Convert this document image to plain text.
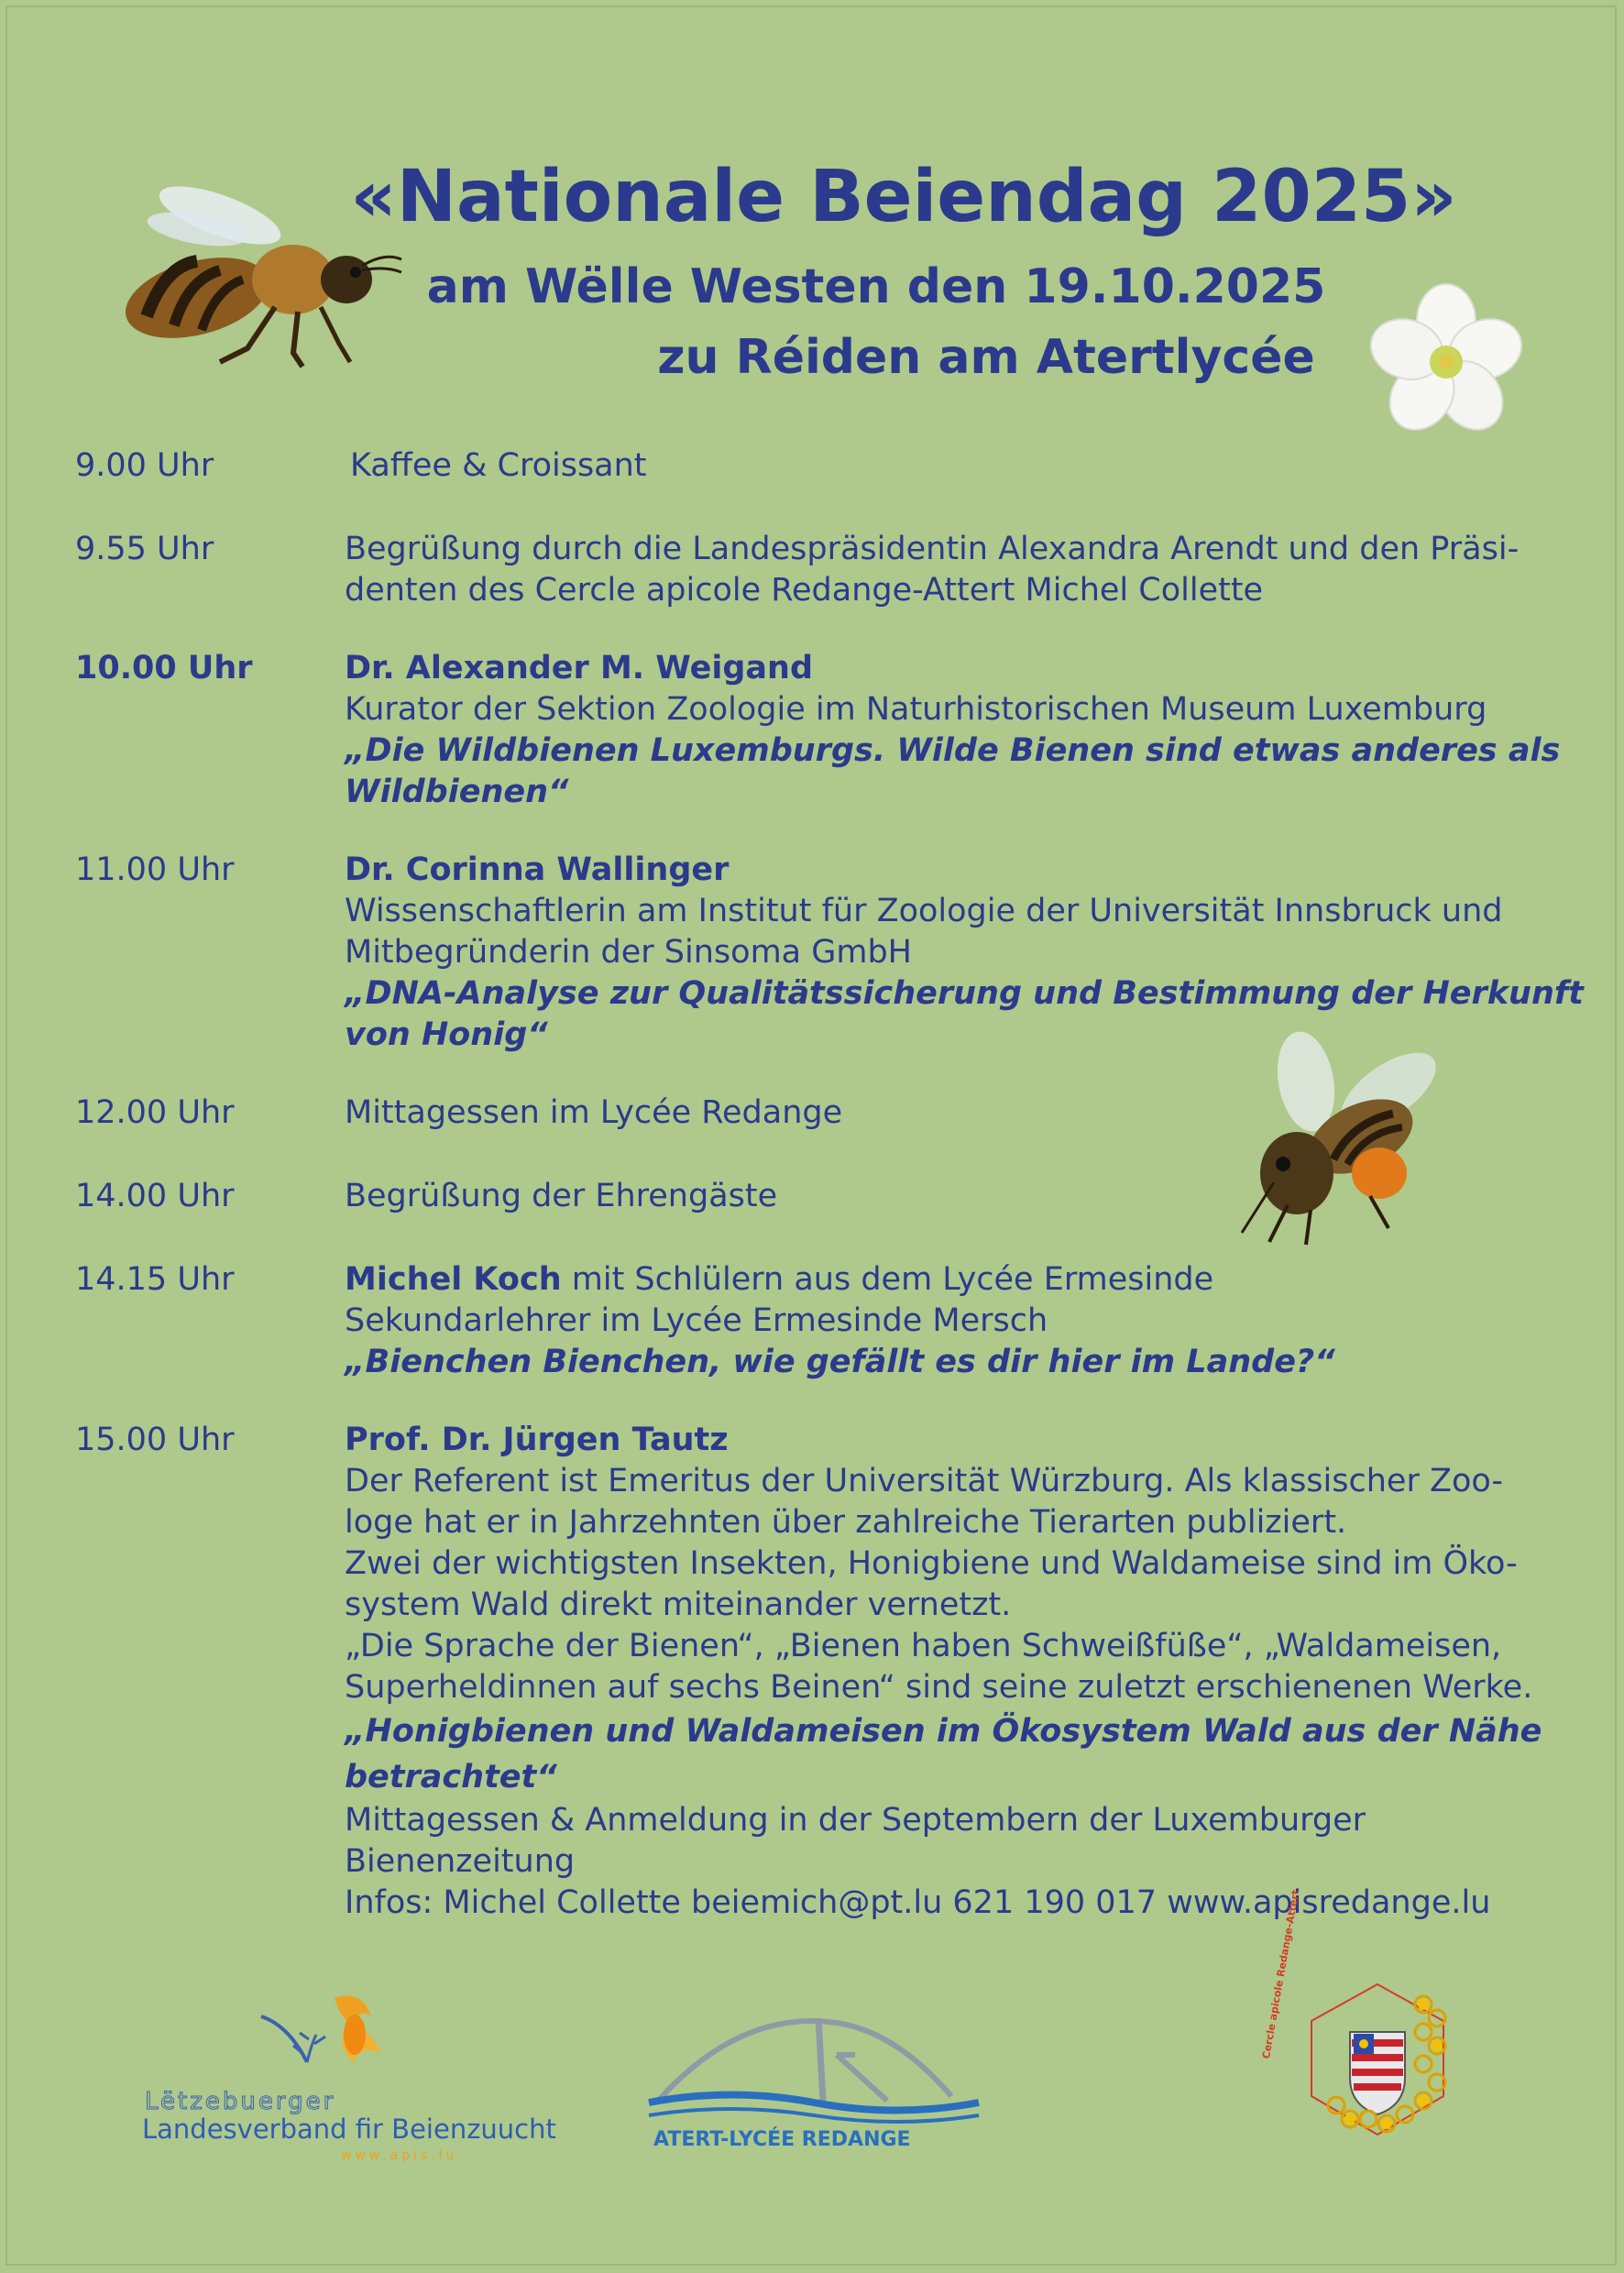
«Nationale Beiendag 2025»
am Wëlle Westen den 19.10.2025
zu Réiden am Atertlycée
9.00 Uhr	Kaffee & Croissant
9.55 Uhr	Begrüßung durch die Landespräsidentin Alexandra Arendt und den Präsi-
denten des Cercle apicole Redange-Attert Michel Collette
10.00 Uhr	Dr. Alexander M. Weigand
Kurator der Sektion Zoologie im Naturhistorischen Museum Luxemburg
„Die Wildbienen Luxemburgs. Wilde Bienen sind etwas anderes als
Wildbienen“
11.00 Uhr	Dr. Corinna Wallinger
Wissenschaftlerin am Institut für Zoologie der Universität Innsbruck und
Mitbegründerin der Sinsoma GmbH
„DNA-Analyse zur Qualitätssicherung und Bestimmung der Herkunft
von Honig“
12.00 Uhr	Mittagessen im Lycée Redange
14.00 Uhr	Begrüßung der Ehrengäste
14.15 Uhr	Michel Koch mit Schlülern aus dem Lycée Ermesinde
Sekundarlehrer im Lycée Ermesinde Mersch
„Bienchen Bienchen, wie gefällt es dir hier im Lande?“
15.00 Uhr	Prof. Dr. Jürgen Tautz
Der Referent ist Emeritus der Universität Würzburg. Als klassischer Zoo-
loge hat er in Jahrzehnten über zahlreiche Tierarten publiziert.
Zwei der wichtigsten Insekten, Honigbiene und Waldameise sind im Öko-
system Wald direkt miteinander vernetzt.
„Die Sprache der Bienen“, „Bienen haben Schweißfüße“, „Waldameisen,
Superheldinnen auf sechs Beinen“ sind seine zuletzt erschienenen Werke.
„Honigbienen und Waldameisen im Ökosystem Wald aus der Nähe
betrachtet“
Mittagessen & Anmeldung in der Septembern der Luxemburger
Bienenzeitung
Infos: Michel Collette beiemich@pt.lu 621 190 017 www.apisredange.lu
Lëtzebuerger
Landesverband fir Beienzuucht
www.apis.lu
ATERT-LYCÉE REDANGE
Cercle apicole Redange-Attert
